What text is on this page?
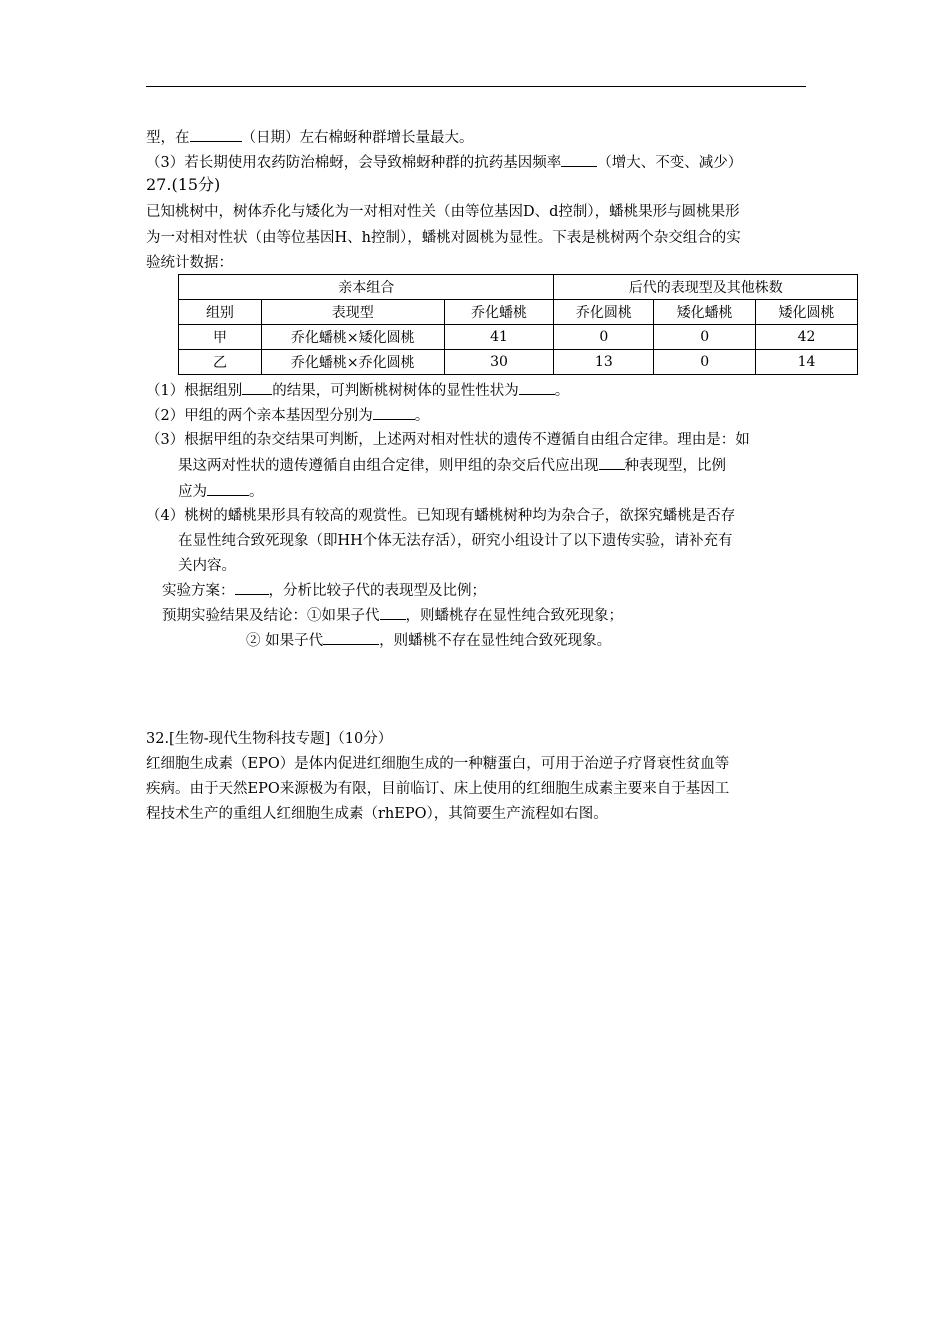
型，在	（日期）左右棉蚜种群增长量最大。
（3）若长期使用农药防治棉蚜，会导致棉蚜种群的抗药基因频率 （增大、不变、减少）
27.(15分)
已知桃树中，树体乔化与矮化为一对相对性关（由等位基因D、d控制），蟠桃果形与圆桃果形
为一对相对性状（由等位基因H、h控制），蟠桃对圆桃为显性。下表是桃树两个杂交组合的实
验统计数据：
亲本组合			后代的表现型及其他株数		
组别	表现型	乔化蟠桃	乔化圆桃	矮化蟠桃	矮化圆桃
甲	乔化蟠桃×矮化圆桃	41	0	0	42
乙	乔化蟠桃×乔化圆桃	30	13	0	14
（1）根据组别 的结果，可判断桃树树体的显性性状为 。
（2）甲组的两个亲本基因型分别为	。
（3）根据甲组的杂交结果可判断，上述两对相对性状的遗传不遵循自由组合定律。理由是：如
果这两对性状的遗传遵循自由组合定律，则甲组的杂交后代应出现 种表现型，比例
应为	。
（4）桃树的蟠桃果形具有较高的观赏性。已知现有蟠桃树种均为杂合子，欲探究蟠桃是否存
在显性纯合致死现象（即HH个体无法存活），研究小组设计了以下遗传实验，请补充有
关内容。
实验方案： ，分析比较子代的表现型及比例；
预期实验结果及结论：①如果子代 ，则蟠桃存在显性纯合致死现象；
② 如果子代	，则蟠桃不存在显性纯合致死现象。
32.[生物-现代生物科技专题]（10分）
红细胞生成素（EPO）是体内促进红细胞生成的一种糖蛋白，可用于治逆子疗肾衰性贫血等
疾病。由于天然EPO来源极为有限，目前临订、床上使用的红细胞生成素主要来自于基因工
程技术生产的重组人红细胞生成素（rhEPO），其简要生产流程如右图。
